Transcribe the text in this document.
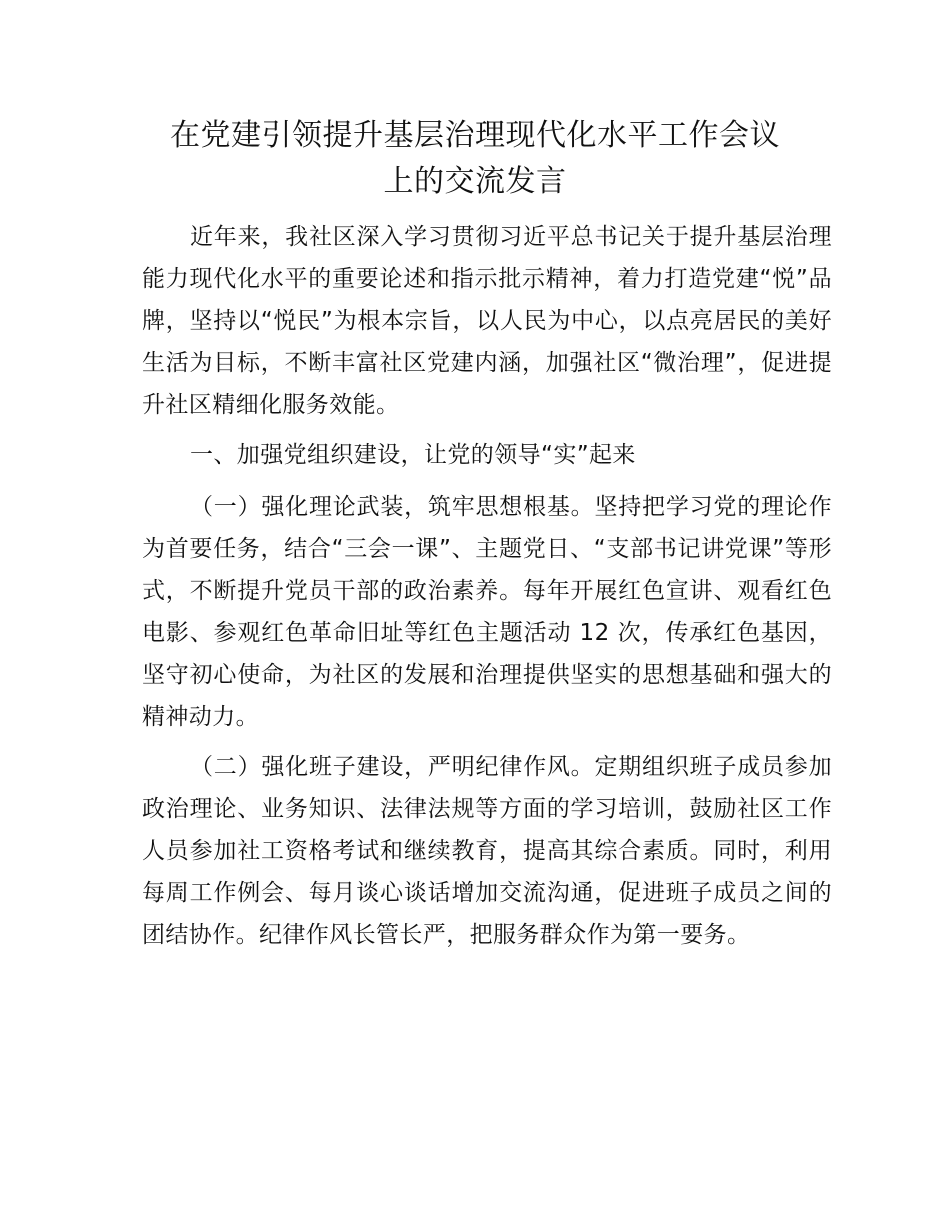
在党建引领提升基层治理现代化水平工作会议
上的交流发言

近年来，我社区深入学习贯彻习近平总书记关于提升基层治理能力现代化水平的重要论述和指示批示精神，着力打造党建“悦”品牌，坚持以“悦民”为根本宗旨，以人民为中心，以点亮居民的美好生活为目标，不断丰富社区党建内涵，加强社区“微治理”，促进提升社区精细化服务效能。

一、加强党组织建设，让党的领导“实”起来

（一）强化理论武装，筑牢思想根基。坚持把学习党的理论作为首要任务，结合“三会一课”、主题党日、“支部书记讲党课”等形式，不断提升党员干部的政治素养。每年开展红色宣讲、观看红色电影、参观红色革命旧址等红色主题活动 12 次，传承红色基因，坚守初心使命，为社区的发展和治理提供坚实的思想基础和强大的精神动力。

（二）强化班子建设，严明纪律作风。定期组织班子成员参加政治理论、业务知识、法律法规等方面的学习培训，鼓励社区工作人员参加社工资格考试和继续教育，提高其综合素质。同时，利用每周工作例会、每月谈心谈话增加交流沟通，促进班子成员之间的团结协作。纪律作风长管长严，把服务群众作为第一要务。
